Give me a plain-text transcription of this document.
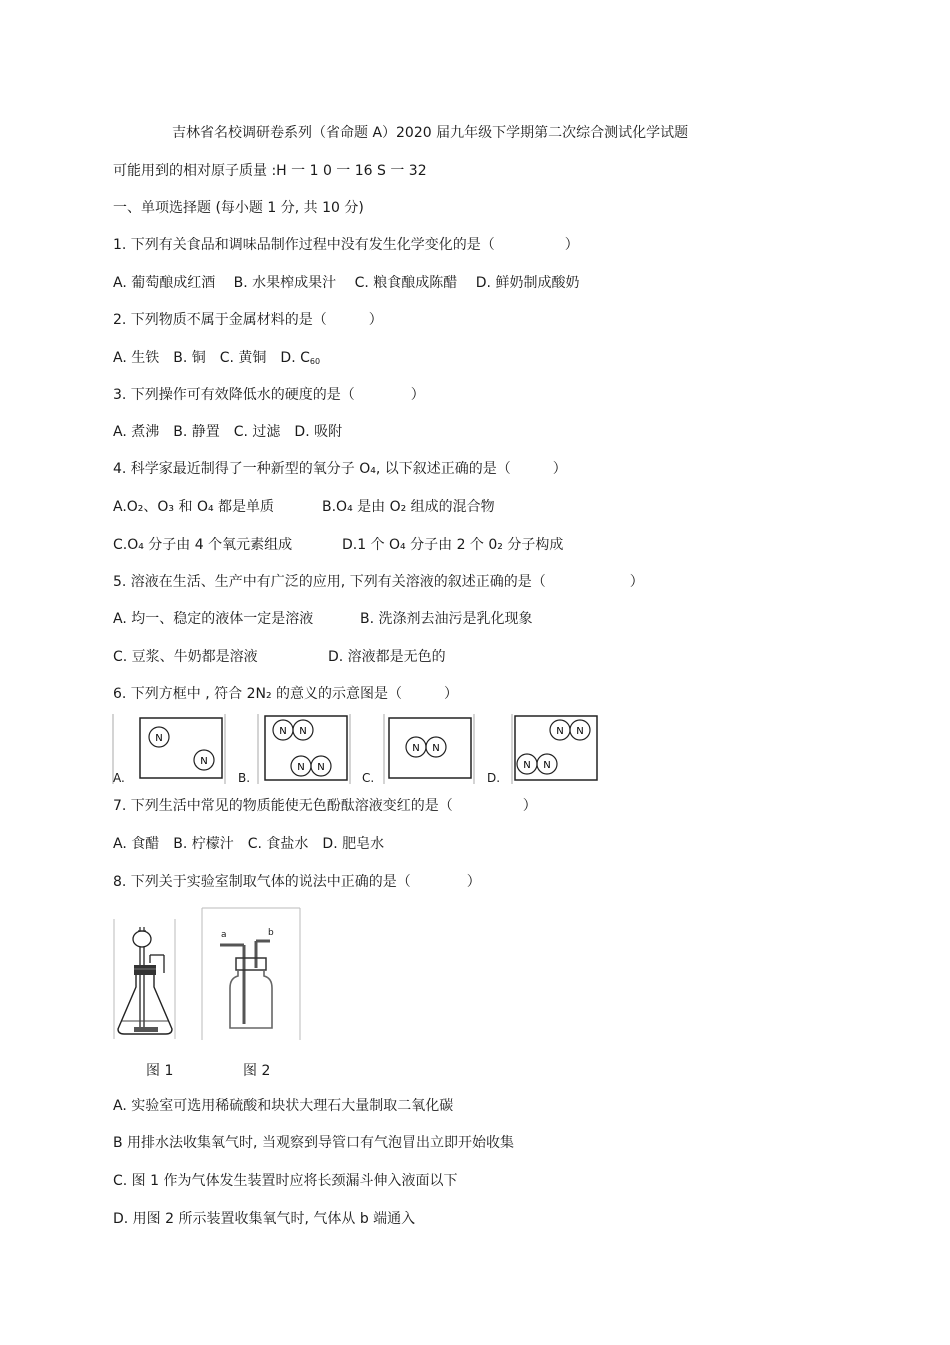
吉林省名校调研卷系列（省命题 A）2020 届九年级下学期第二次综合测试化学试题
可能用到的相对原子质量 :H 一 1 0 一 16 S 一 32
一、单项选择题 (每小题 1 分, 共 10 分)
1. 下列有关食品和调味品制作过程中没有发生化学变化的是（　　　　　）
A. 葡萄酿成红酒　 B. 水果榨成果汁　 C. 粮食酿成陈醋　 D. 鲜奶制成酸奶
2. 下列物质不属于金属材料的是（　　　）
A. 生铁　B. 铜　C. 黄铜　D. C60
3. 下列操作可有效降低水的硬度的是（　　　　）
A. 煮沸　B. 静置　C. 过滤　D. 吸附
4. 科学家最近制得了一种新型的氧分子 O₄, 以下叙述正确的是（　　　）
A.O₂、O₃ 和 O₄ 都是单质	B.O₄ 是由 O₂ 组成的混合物
C.O₄ 分子由 4 个氧元素组成	D.1 个 O₄ 分子由 2 个 0₂ 分子构成
5. 溶液在生活、生产中有广泛的应用, 下列有关溶液的叙述正确的是（　　　　　　）
A. 均一、稳定的液体一定是溶液	B. 洗涤剂去油污是乳化现象
C. 豆浆、牛奶都是溶液	D. 溶液都是无色的
6. 下列方框中 , 符合 2N₂ 的意义的示意图是（　　　）
N
N
N N
N N
N N
N N
N N
A.	B.	C.	D.
7. 下列生活中常见的物质能使无色酚酞溶液变红的是（　　　　　）
A. 食醋　B. 柠檬汁　C. 食盐水　D. 肥皂水
8. 下列关于实验室制取气体的说法中正确的是（　　　　）
a	b
图 1	图 2
A. 实验室可选用稀硫酸和块状大理石大量制取二氧化碳
B 用排水法收集氧气时, 当观察到导管口有气泡冒出立即开始收集
C. 图 1 作为气体发生装置时应将长颈漏斗伸入液面以下
D. 用图 2 所示装置收集氧气时, 气体从 b 端通入
